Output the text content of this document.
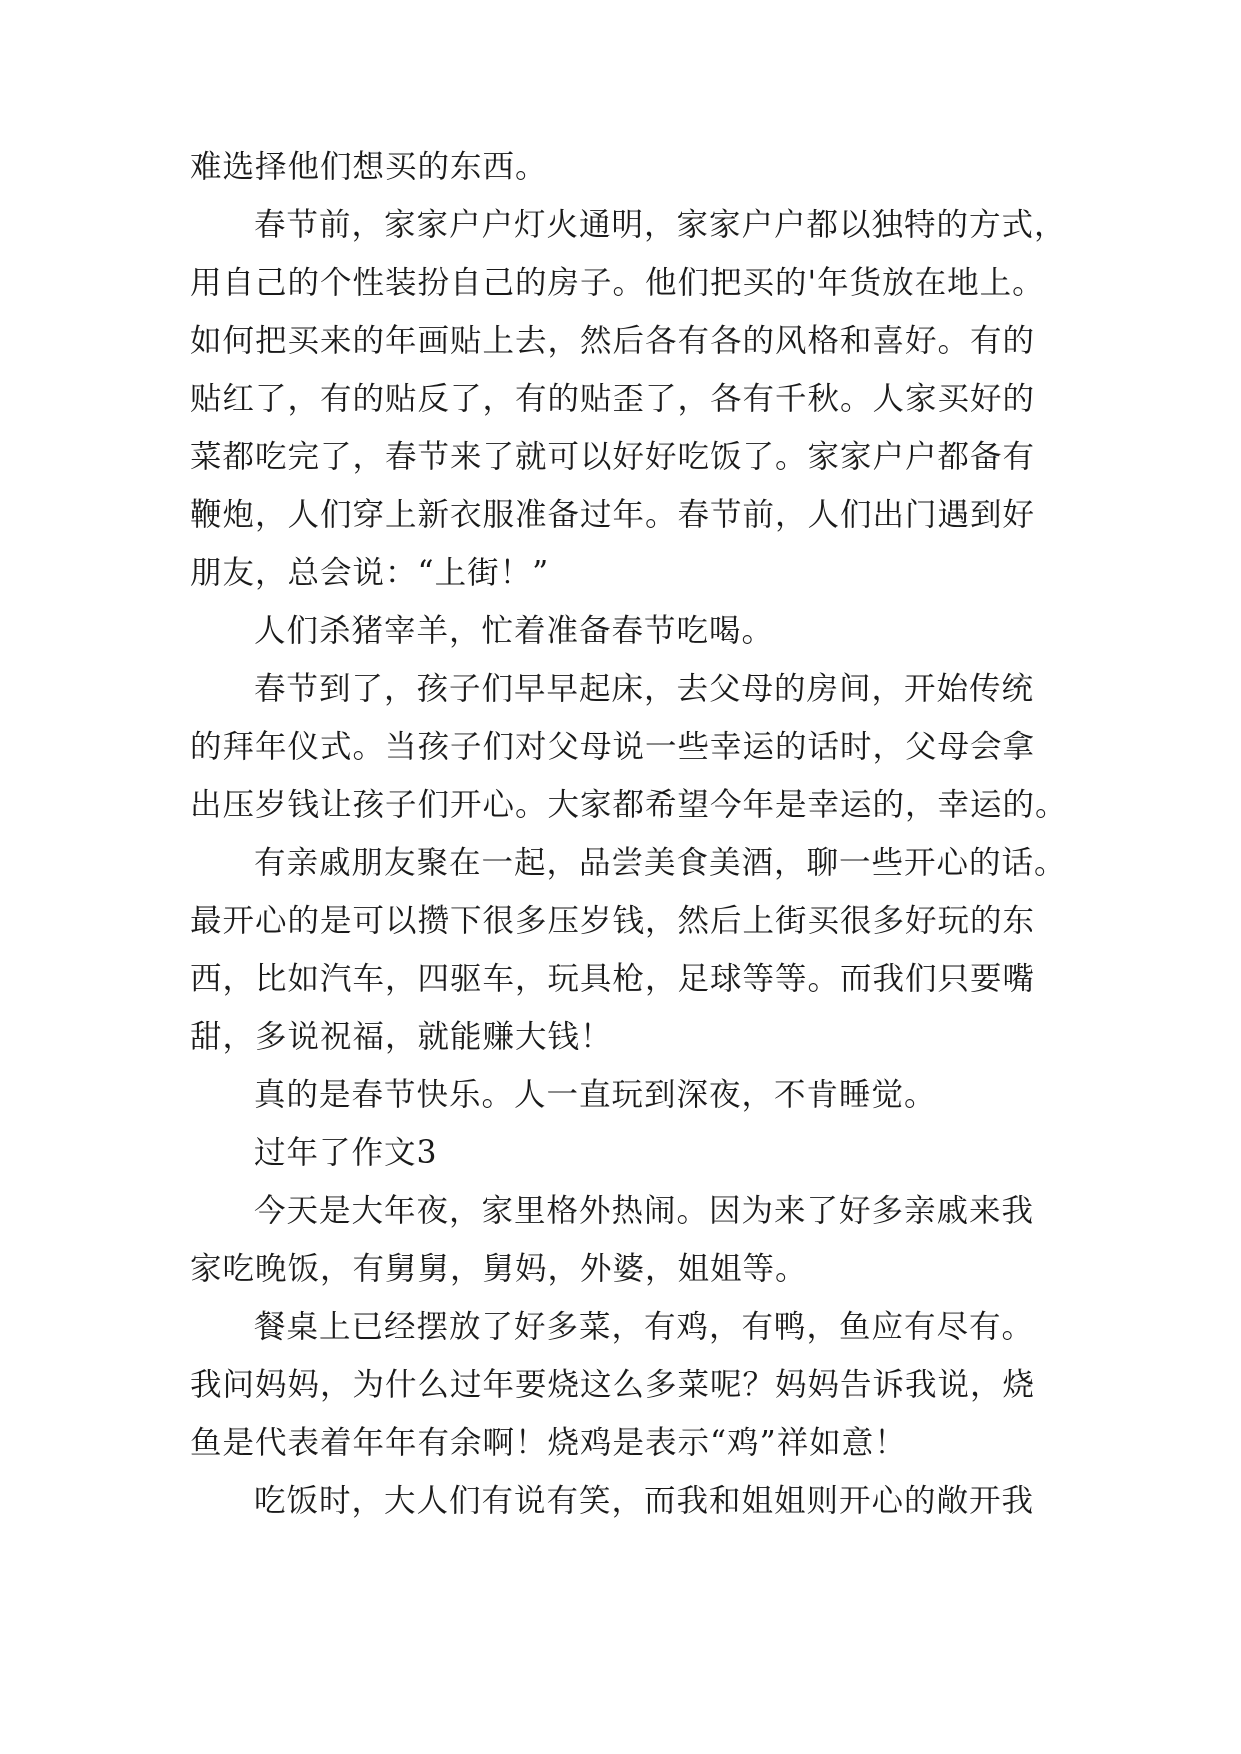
难选择他们想买的东西。
春节前，家家户户灯火通明，家家户户都以独特的方式，
用自己的个性装扮自己的房子。他们把买的'年货放在地上。
如何把买来的年画贴上去，然后各有各的风格和喜好。有的
贴红了，有的贴反了，有的贴歪了，各有千秋。人家买好的
菜都吃完了，春节来了就可以好好吃饭了。家家户户都备有
鞭炮，人们穿上新衣服准备过年。春节前，人们出门遇到好
朋友，总会说：“上街！”
人们杀猪宰羊，忙着准备春节吃喝。
春节到了，孩子们早早起床，去父母的房间，开始传统
的拜年仪式。当孩子们对父母说一些幸运的话时，父母会拿
出压岁钱让孩子们开心。大家都希望今年是幸运的，幸运的。
有亲戚朋友聚在一起，品尝美食美酒，聊一些开心的话。
最开心的是可以攒下很多压岁钱，然后上街买很多好玩的东
西，比如汽车，四驱车，玩具枪，足球等等。而我们只要嘴
甜，多说祝福，就能赚大钱！
真的是春节快乐。人一直玩到深夜，不肯睡觉。
过年了作文3
今天是大年夜，家里格外热闹。因为来了好多亲戚来我
家吃晚饭，有舅舅，舅妈，外婆，姐姐等。
餐桌上已经摆放了好多菜，有鸡，有鸭，鱼应有尽有。
我问妈妈，为什么过年要烧这么多菜呢？妈妈告诉我说，烧
鱼是代表着年年有余啊！烧鸡是表示“鸡”祥如意！
吃饭时，大人们有说有笑，而我和姐姐则开心的敞开我
